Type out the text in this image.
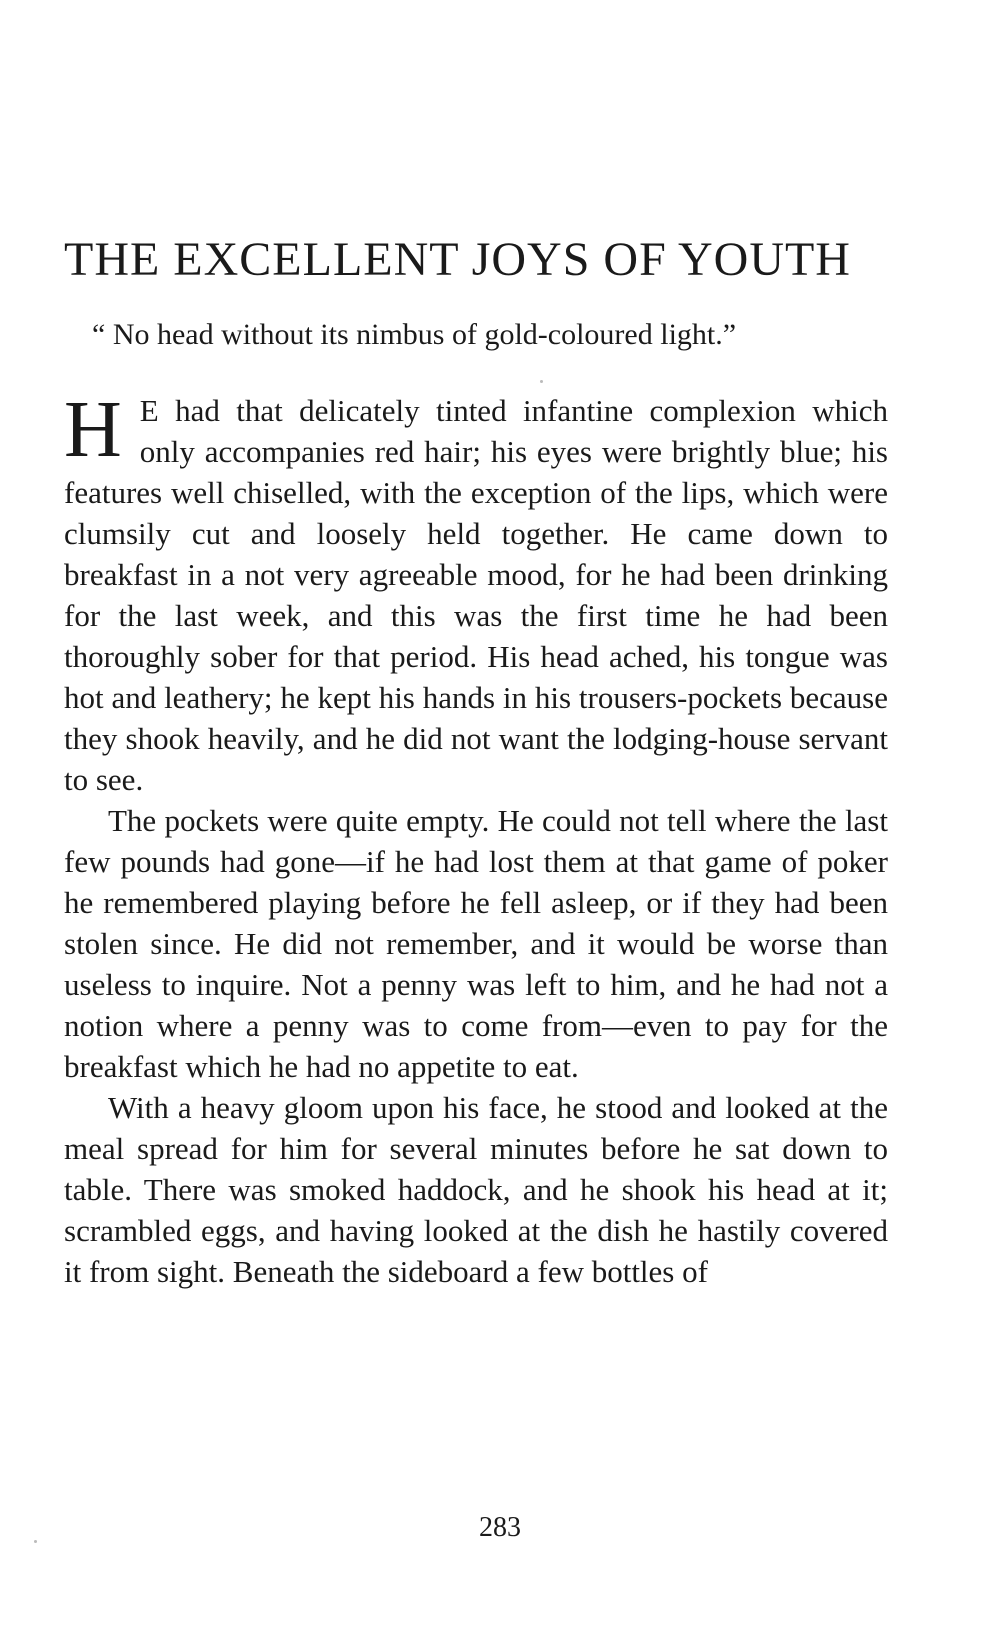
THE EXCELLENT JOYS OF YOUTH
“ No head without its nimbus of gold-coloured light.”

H E had that delicately tinted infantine complexion which only accompanies red hair; his eyes were brightly blue; his features well chiselled, with the exception of the lips, which were clumsily cut and loosely held together. He came down to breakfast in a not very agreeable mood, for he had been drinking for the last week, and this was the first time he had been thoroughly sober for that period. His head ached, his tongue was hot and leathery; he kept his hands in his trousers-pockets because they shook heavily, and he did not want the lodging-house servant to see.

The pockets were quite empty. He could not tell where the last few pounds had gone—if he had lost them at that game of poker he remembered playing before he fell asleep, or if they had been stolen since. He did not remember, and it would be worse than useless to inquire. Not a penny was left to him, and he had not a notion where a penny was to come from—even to pay for the breakfast which he had no appetite to eat.

With a heavy gloom upon his face, he stood and looked at the meal spread for him for several minutes before he sat down to table. There was smoked haddock, and he shook his head at it; scrambled eggs, and having looked at the dish he hastily covered it from sight. Beneath the sideboard a few bottles of

283
